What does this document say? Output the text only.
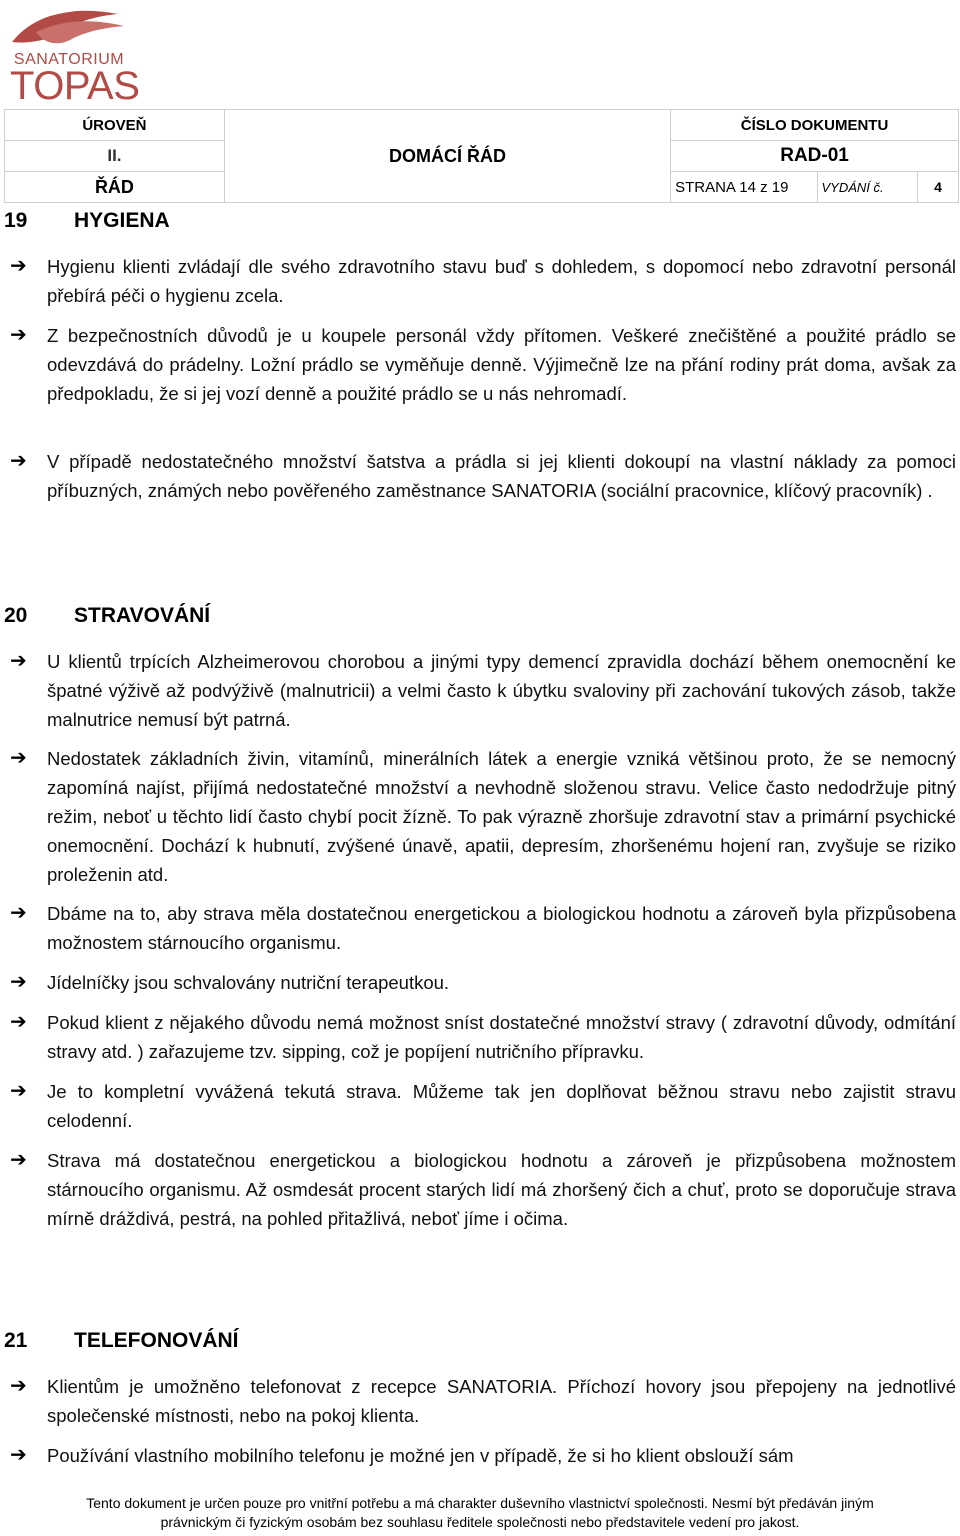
SANATORIUM
TOPAS
ÚROVEŇ	DOMÁCÍ ŘÁD	ČÍSLO DOKUMENTU		
II.		RAD-01		
ŘÁD		STRANA 14 z 19	VYDÁNÍ č.	4
19	HYGIENA
➔	Hygienu klienti zvládají dle svého zdravotního stavu buď s dohledem, s dopomocí nebo zdravotní personál přebírá péči o hygienu zcela.
➔	Z bezpečnostních důvodů je u koupele personál vždy přítomen. Veškeré znečištěné a použité prádlo se odevzdává do prádelny. Ložní prádlo se vyměňuje denně. Výjimečně lze na přání rodiny prát doma, avšak za předpokladu, že si jej vozí denně a použité prádlo se u nás nehromadí.
➔	V případě nedostatečného množství šatstva a prádla si jej klienti dokoupí na vlastní náklady za pomoci příbuzných, známých nebo pověřeného zaměstnance SANATORIA (sociální pracovnice, klíčový pracovník) .
20	STRAVOVÁNÍ
➔	U klientů trpících Alzheimerovou chorobou a jinými typy demencí zpravidla dochází během onemocnění ke špatné výživě až podvýživě (malnutricii) a velmi často k úbytku svaloviny při zachování tukových zásob, takže malnutrice nemusí být patrná.
➔	Nedostatek základních živin, vitamínů, minerálních látek a energie vzniká většinou proto, že se nemocný zapomíná najíst, přijímá nedostatečné množství a nevhodně složenou stravu. Velice často nedodržuje pitný režim, neboť u těchto lidí často chybí pocit žízně. To pak výrazně zhoršuje zdravotní stav a primární psychické onemocnění. Dochází k hubnutí, zvýšené únavě, apatii, depresím, zhoršenému hojení ran, zvyšuje se riziko proleženin atd.
➔	Dbáme na to, aby strava měla dostatečnou energetickou a biologickou hodnotu a zároveň byla přizpůsobena možnostem stárnoucího organismu.
➔	Jídelníčky jsou schvalovány nutriční terapeutkou.
➔	Pokud klient z nějakého důvodu nemá možnost sníst dostatečné množství stravy ( zdravotní důvody, odmítání stravy atd. ) zařazujeme tzv. sipping, což je popíjení nutričního přípravku.
➔	Je to kompletní vyvážená tekutá strava. Můžeme tak jen doplňovat běžnou stravu nebo zajistit stravu celodenní.
➔	Strava má dostatečnou energetickou a biologickou hodnotu a zároveň je přizpůsobena možnostem stárnoucího organismu. Až osmdesát procent starých lidí má zhoršený čich a chuť, proto se doporučuje strava mírně dráždivá, pestrá, na pohled přitažlivá, neboť jíme i očima.
21	TELEFONOVÁNÍ
➔	Klientům je umožněno telefonovat z recepce SANATORIA. Příchozí hovory jsou přepojeny na jednotlivé společenské místnosti, nebo na pokoj klienta.
➔	Používání vlastního mobilního telefonu je možné jen v případě, že si ho klient obslouží sám
Tento dokument je určen pouze pro vnitřní potřebu a má charakter duševního vlastnictví společnosti. Nesmí být předáván jiným
právnickým či fyzickým osobám bez souhlasu ředitele společnosti nebo představitele vedení pro jakost.
